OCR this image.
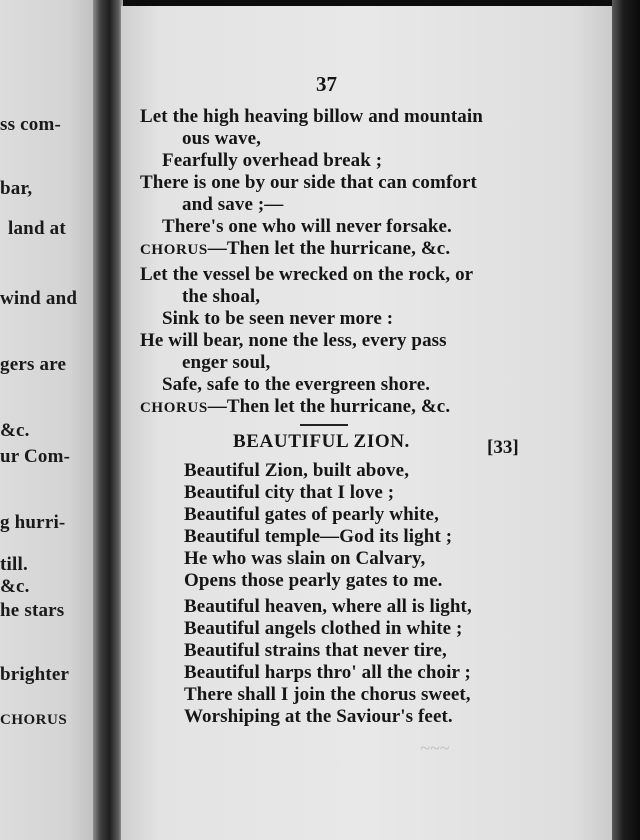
ss com-
bar,
land at
wind and
gers are
&c.
ur Com-
g hurri-
till.
&c.
he stars
brighter
CHORUS
~~~
37
Let the high heaving billow and mountain
ous wave,
Fearfully overhead break ;
There is one by our side that can comfort
and save ;—
There's one who will never forsake.
CHORUS—Then let the hurricane, &c.
Let the vessel be wrecked on the rock, or
the shoal,
Sink to be seen never more :
He will bear, none the less, every pass
enger soul,
Safe, safe to the evergreen shore.
CHORUS—Then let the hurricane, &c.
BEAUTIFUL ZION.	[33]
Beautiful Zion, built above,
Beautiful city that I love ;
Beautiful gates of pearly white,
Beautiful temple—God its light ;
He who was slain on Calvary,
Opens those pearly gates to me.
Beautiful heaven, where all is light,
Beautiful angels clothed in white ;
Beautiful strains that never tire,
Beautiful harps thro' all the choir ;
There shall I join the chorus sweet,
Worshiping at the Saviour's feet.
